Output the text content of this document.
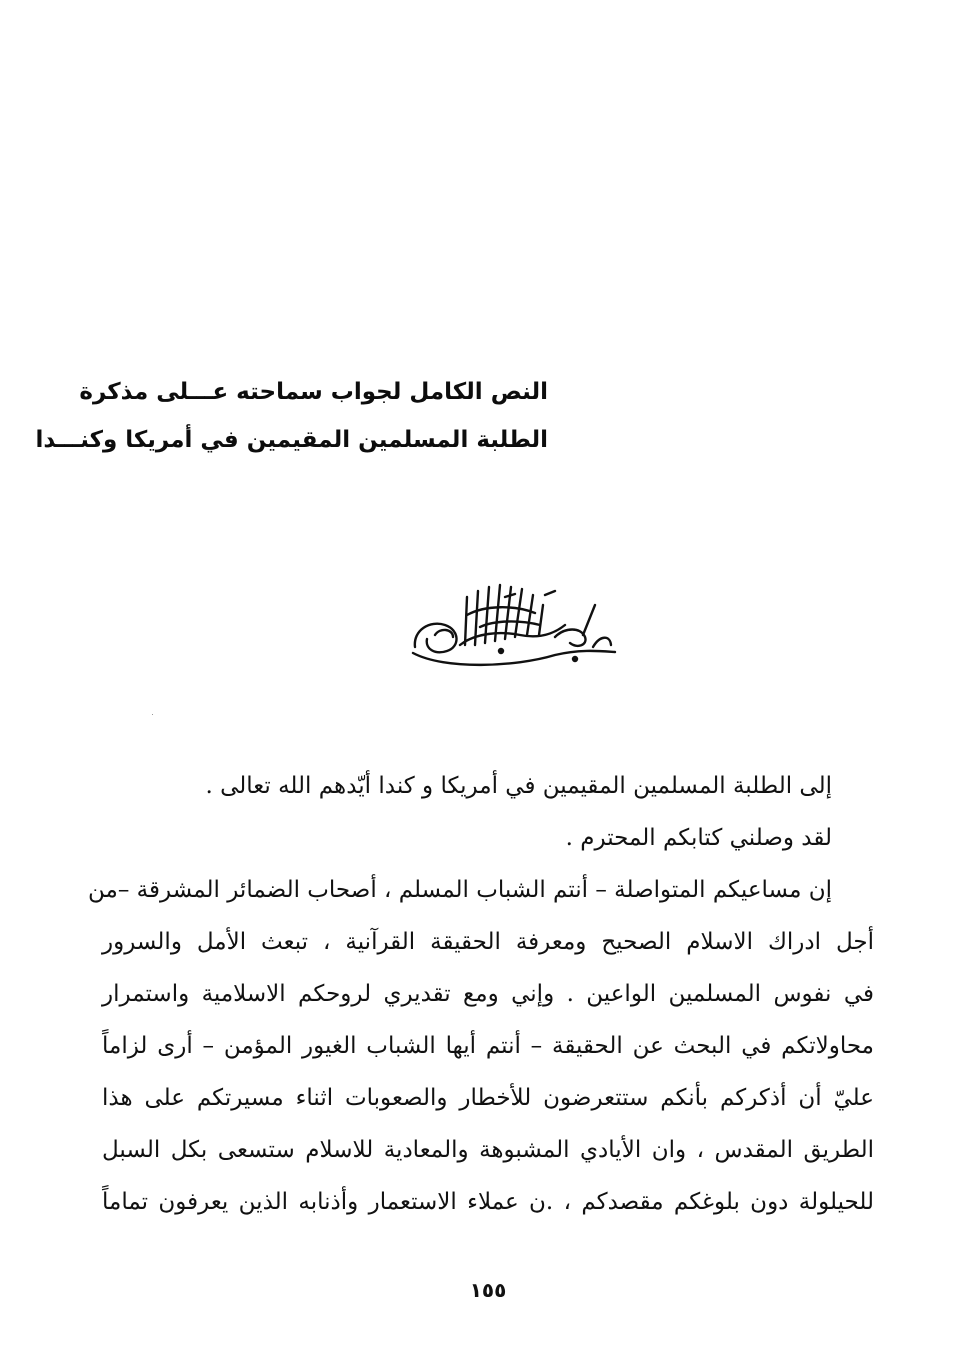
النص الكامل لجواب سماحته عـــلى مذكرة
الطلبة المسلمين المقيمين في أمريكا وكنـــدا

إلى الطلبة المسلمين المقيمين في أمريكا و كندا أيّدهم الله تعالى .

لقد وصلني كتابكم المحترم .

إن مساعيكم المتواصلة – أنتم الشباب المسلم ، أصحاب الضمائر المشرقة –من
أجل ادراك الاسلام الصحيح ومعرفة الحقيقة القرآنية ، تبعث الأمل والسرور
في نفوس المسلمين الواعين . وإني ومع تقديري لروحكم الاسلامية واستمرار
محاولاتكم في البحث عن الحقيقة – أنتم أيها الشباب الغيور المؤمن – أرى لزاماً
عليّ أن أذكركم بأنكم ستتعرضون للأخطار والصعوبات اثناء مسيرتكم على هذا
الطريق المقدس ، وان الأيادي المشبوهة والمعادية للاسلام ستسعى بكل السبل
للحيلولة دون بلوغكم مقصدكم ، .ن عملاء الاستعمار وأذنابه الذين يعرفون تماماً
١٥٥
